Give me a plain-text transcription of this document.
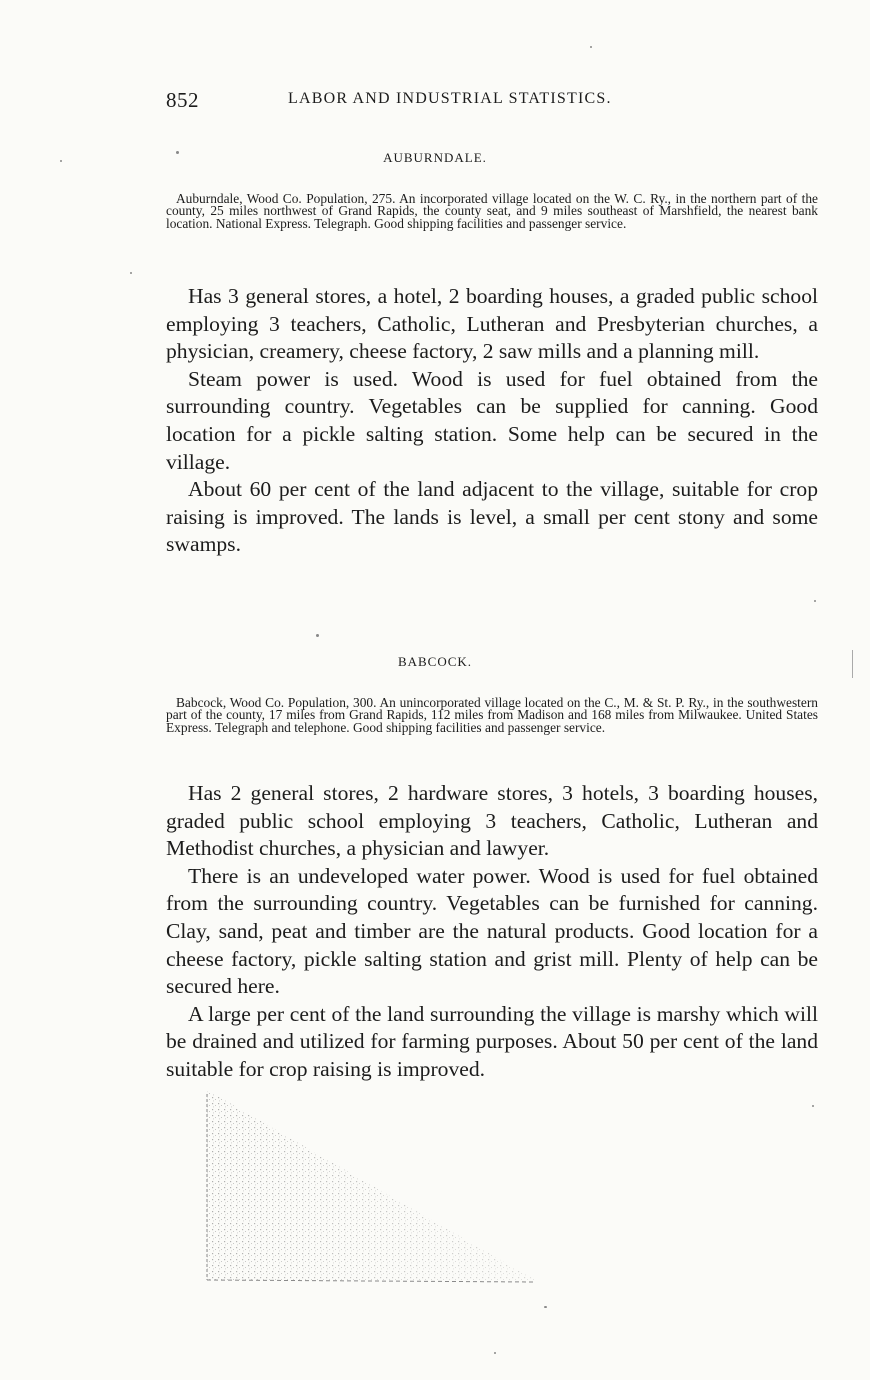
852	LABOR AND INDUSTRIAL STATISTICS.
AUBURNDALE.

Auburndale, Wood Co. Population, 275. An incorporated village located on the W. C. Ry., in the northern part of the county, 25 miles northwest of Grand Rapids, the county seat, and 9 miles southeast of Marshfield, the nearest bank location. National Express. Telegraph. Good shipping facilities and passenger service.

Has 3 general stores, a hotel, 2 boarding houses, a graded public school employing 3 teachers, Catholic, Lutheran and Presbyterian churches, a physician, creamery, cheese factory, 2 saw mills and a planning mill.

Steam power is used. Wood is used for fuel obtained from the surrounding country. Vegetables can be supplied for canning. Good location for a pickle salting station. Some help can be secured in the village.

About 60 per cent of the land adjacent to the village, suitable for crop raising is improved. The lands is level, a small per cent stony and some swamps.

BABCOCK.

Babcock, Wood Co. Population, 300. An unincorporated village located on the C., M. & St. P. Ry., in the southwestern part of the county, 17 miles from Grand Rapids, 112 miles from Madison and 168 miles from Milwaukee. United States Express. Telegraph and telephone. Good shipping facilities and passenger service.

Has 2 general stores, 2 hardware stores, 3 hotels, 3 boarding houses, graded public school employing 3 teachers, Catholic, Lutheran and Methodist churches, a physician and lawyer.

There is an undeveloped water power. Wood is used for fuel obtained from the surrounding country. Vegetables can be furnished for canning. Clay, sand, peat and timber are the natural products. Good location for a cheese factory, pickle salting station and grist mill. Plenty of help can be secured here.

A large per cent of the land surrounding the village is marshy which will be drained and utilized for farming purposes. About 50 per cent of the land suitable for crop raising is improved.
